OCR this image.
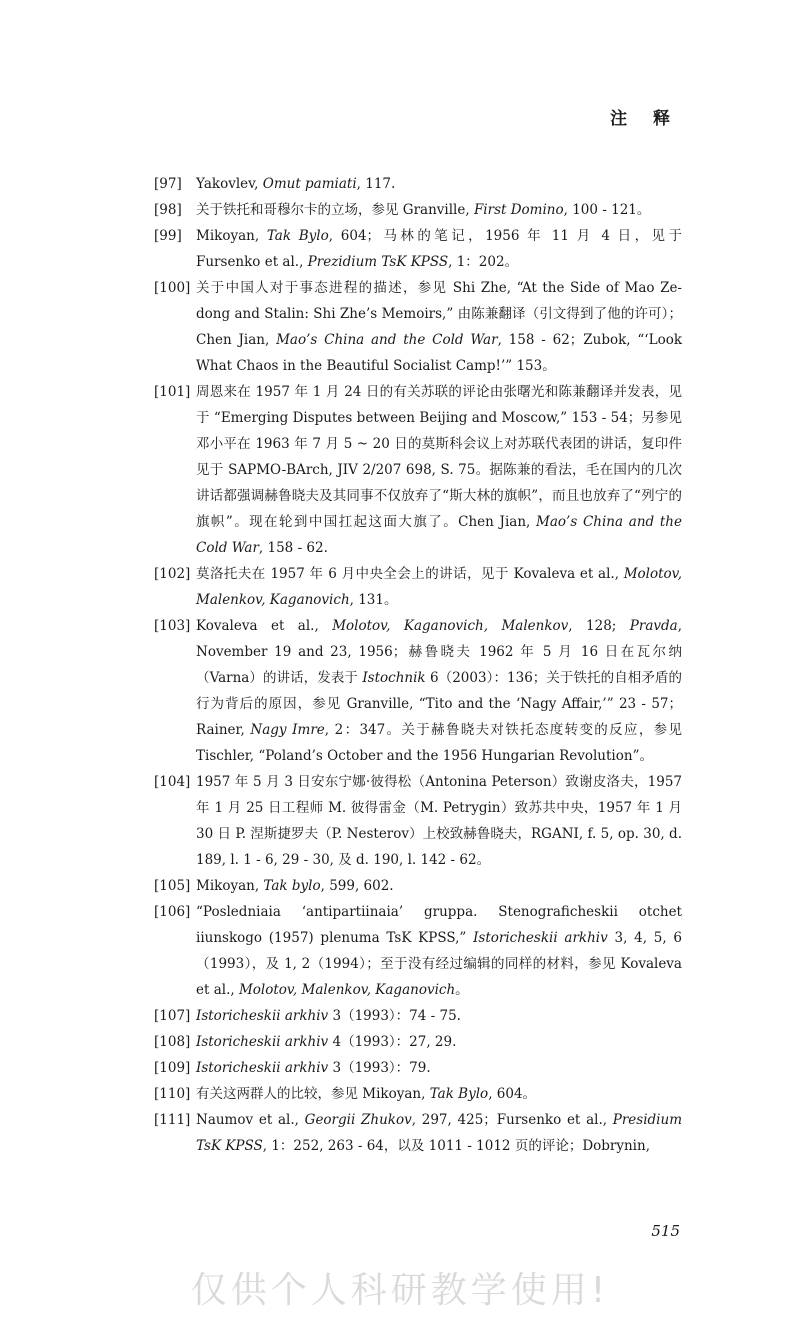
注 释
[97]	Yakovlev, Omut pamiati, 117.
[98]	关于铁托和哥穆尔卡的立场，参见 Granville, First Domino, 100 - 121。
[99]	Mikoyan, Tak Bylo, 604；马林的笔记，1956 年 11 月 4 日，见于 Fursenko et al., Prezidium TsK KPSS, 1：202。
[100] 关于中国人对于事态进程的描述，参见 Shi Zhe, “At the Side of Mao Ze-dong and Stalin: Shi Zhe’s Memoirs,” 由陈兼翻译（引文得到了他的许可）；Chen Jian, Mao’s China and the Cold War, 158 - 62；Zubok, “‘Look What Chaos in the Beautiful Socialist Camp!’” 153。
[101] 周恩来在 1957 年 1 月 24 日的有关苏联的评论由张曙光和陈兼翻译并发表，见于 “Emerging Disputes between Beijing and Moscow,” 153 - 54；另参见邓小平在 1963 年 7 月 5 ~ 20 日的莫斯科会议上对苏联代表团的讲话，复印件见于 SAPMO-BArch, JIV 2/207 698, S. 75。据陈兼的看法，毛在国内的几次讲话都强调赫鲁晓夫及其同事不仅放弃了“斯大林的旗帜”，而且也放弃了“列宁的旗帜”。现在轮到中国扛起这面大旗了。Chen Jian, Mao’s China and the Cold War, 158 - 62.
[102] 莫洛托夫在 1957 年 6 月中央全会上的讲话，见于 Kovaleva et al., Molotov, Malenkov, Kaganovich, 131。
[103] Kovaleva et al., Molotov, Kaganovich, Malenkov, 128; Pravda, November 19 and 23, 1956；赫鲁晓夫 1962 年 5 月 16 日在瓦尔纳（Varna）的讲话，发表于 Istochnik 6（2003）：136；关于铁托的自相矛盾的行为背后的原因，参见 Granville, “Tito and the ‘Nagy Affair,’” 23 - 57；Rainer, Nagy Imre, 2：347。关于赫鲁晓夫对铁托态度转变的反应，参见 Tischler, “Poland’s October and the 1956 Hungarian Revolution”。
[104] 1957 年 5 月 3 日安东宁娜·彼得松（Antonina Peterson）致谢皮洛夫，1957 年 1 月 25 日工程师 M. 彼得雷金（M. Petrygin）致苏共中央，1957 年 1 月 30 日 P. 涅斯捷罗夫（P. Nesterov）上校致赫鲁晓夫，RGANI, f. 5, op. 30, d. 189, l. 1 - 6, 29 - 30, 及 d. 190, l. 142 - 62。
[105] Mikoyan, Tak bylo, 599, 602.
[106] “Posledniaia ‘antipartiinaia’ gruppa. Stenograficheskii otchet iiunskogo (1957) plenuma TsK KPSS,” Istoricheskii arkhiv 3, 4, 5, 6（1993），及 1, 2（1994）；至于没有经过编辑的同样的材料，参见 Kovaleva et al., Molotov, Malenkov, Kaganovich。
[107] Istoricheskii arkhiv 3（1993）：74 - 75.
[108] Istoricheskii arkhiv 4（1993）：27, 29.
[109] Istoricheskii arkhiv 3（1993）：79.
[110] 有关这两群人的比较，参见 Mikoyan, Tak Bylo, 604。
[111] Naumov et al., Georgii Zhukov, 297, 425；Fursenko et al., Presidium TsK KPSS, 1：252, 263 - 64，以及 1011 - 1012 页的评论；Dobrynin,
515
仅供个人科研教学使用!
